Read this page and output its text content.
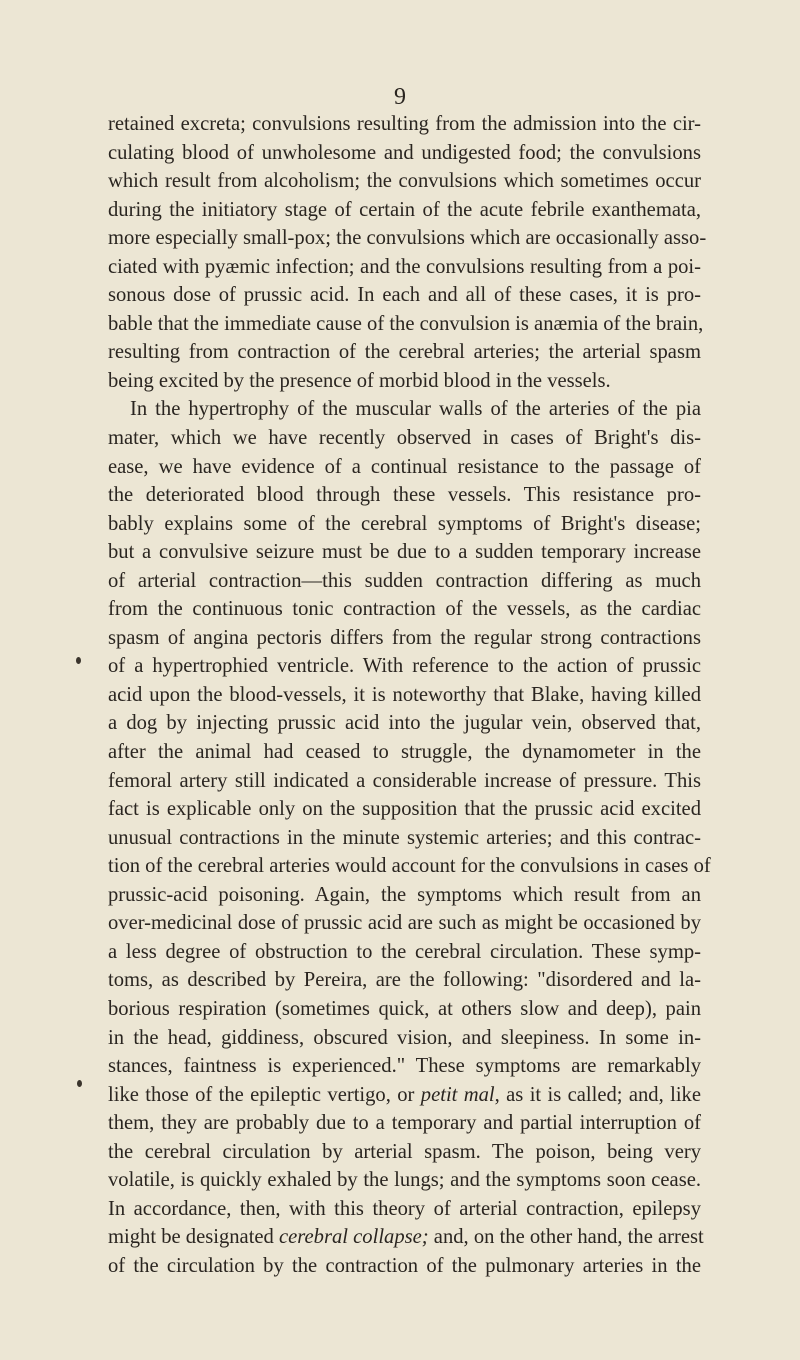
9
retained excreta; convulsions resulting from the admission into the cir-
culating blood of unwholesome and undigested food; the convulsions
which result from alcoholism; the convulsions which sometimes occur
during the initiatory stage of certain of the acute febrile exanthemata,
more especially small-pox; the convulsions which are occasionally asso-
ciated with pyæmic infection; and the convulsions resulting from a poi-
sonous dose of prussic acid. In each and all of these cases, it is pro-
bable that the immediate cause of the convulsion is anæmia of the brain,
resulting from contraction of the cerebral arteries; the arterial spasm
being excited by the presence of morbid blood in the vessels.
In the hypertrophy of the muscular walls of the arteries of the pia
mater, which we have recently observed in cases of Bright's dis-
ease, we have evidence of a continual resistance to the passage of
the deteriorated blood through these vessels. This resistance pro-
bably explains some of the cerebral symptoms of Bright's disease;
but a convulsive seizure must be due to a sudden temporary increase
of arterial contraction—this sudden contraction differing as much
from the continuous tonic contraction of the vessels, as the cardiac
spasm of angina pectoris differs from the regular strong contractions
of a hypertrophied ventricle. With reference to the action of prussic
acid upon the blood-vessels, it is noteworthy that Blake, having killed
a dog by injecting prussic acid into the jugular vein, observed that,
after the animal had ceased to struggle, the dynamometer in the
femoral artery still indicated a considerable increase of pressure. This
fact is explicable only on the supposition that the prussic acid excited
unusual contractions in the minute systemic arteries; and this contrac-
tion of the cerebral arteries would account for the convulsions in cases of
prussic-acid poisoning. Again, the symptoms which result from an
over-medicinal dose of prussic acid are such as might be occasioned by
a less degree of obstruction to the cerebral circulation. These symp-
toms, as described by Pereira, are the following: "disordered and la-
borious respiration (sometimes quick, at others slow and deep), pain
in the head, giddiness, obscured vision, and sleepiness. In some in-
stances, faintness is experienced." These symptoms are remarkably
like those of the epileptic vertigo, or petit mal, as it is called; and, like
them, they are probably due to a temporary and partial interruption of
the cerebral circulation by arterial spasm. The poison, being very
volatile, is quickly exhaled by the lungs; and the symptoms soon cease.
In accordance, then, with this theory of arterial contraction, epilepsy
might be designated cerebral collapse; and, on the other hand, the arrest
of the circulation by the contraction of the pulmonary arteries in the
